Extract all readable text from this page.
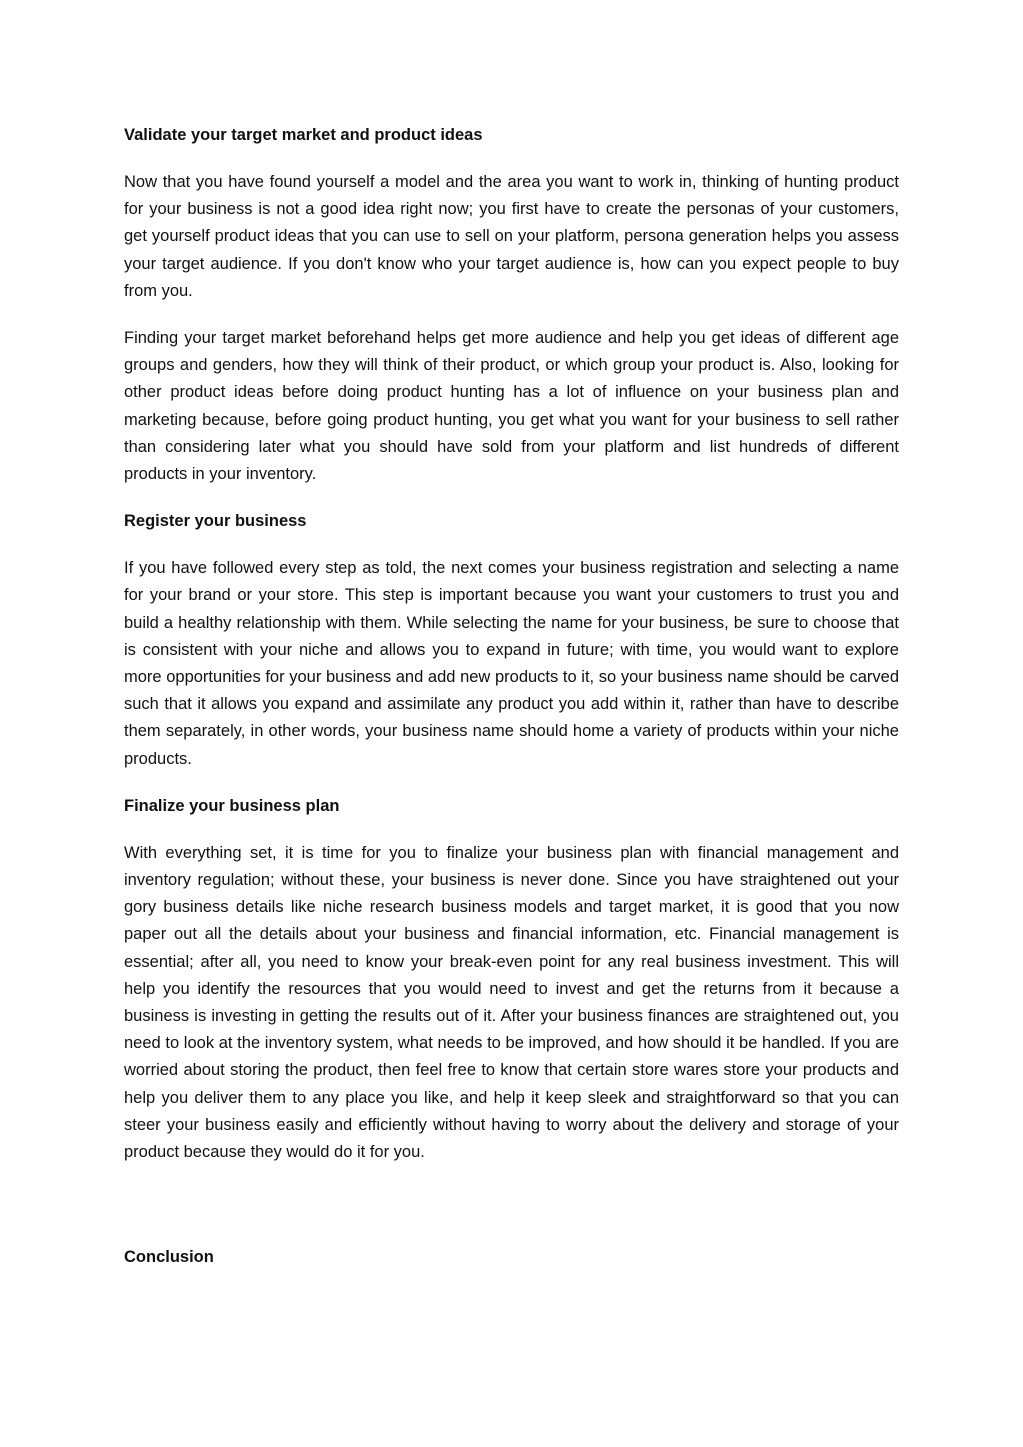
Validate your target market and product ideas

Now that you have found yourself a model and the area you want to work in, thinking of hunting product for your business is not a good idea right now; you first have to create the personas of your customers, get yourself product ideas that you can use to sell on your platform, persona generation helps you assess your target audience. If you don't know who your target audience is, how can you expect people to buy from you.

Finding your target market beforehand helps get more audience and help you get ideas of different age groups and genders, how they will think of their product, or which group your product is. Also, looking for other product ideas before doing product hunting has a lot of influence on your business plan and marketing because, before going product hunting, you get what you want for your business to sell rather than considering later what you should have sold from your platform and list hundreds of different products in your inventory.

Register your business

If you have followed every step as told, the next comes your business registration and selecting a name for your brand or your store. This step is important because you want your customers to trust you and build a healthy relationship with them. While selecting the name for your business, be sure to choose that is consistent with your niche and allows you to expand in future; with time, you would want to explore more opportunities for your business and add new products to it, so your business name should be carved such that it allows you expand and assimilate any product you add within it, rather than have to describe them separately, in other words, your business name should home a variety of products within your niche products.

Finalize your business plan

With everything set, it is time for you to finalize your business plan with financial management and inventory regulation; without these, your business is never done. Since you have straightened out your gory business details like niche research business models and target market, it is good that you now paper out all the details about your business and financial information, etc. Financial management is essential; after all, you need to know your break-even point for any real business investment. This will help you identify the resources that you would need to invest and get the returns from it because a business is investing in getting the results out of it. After your business finances are straightened out, you need to look at the inventory system, what needs to be improved, and how should it be handled. If you are worried about storing the product, then feel free to know that certain store wares store your products and help you deliver them to any place you like, and help it keep sleek and straightforward so that you can steer your business easily and efficiently without having to worry about the delivery and storage of your product because they would do it for you.

Conclusion
